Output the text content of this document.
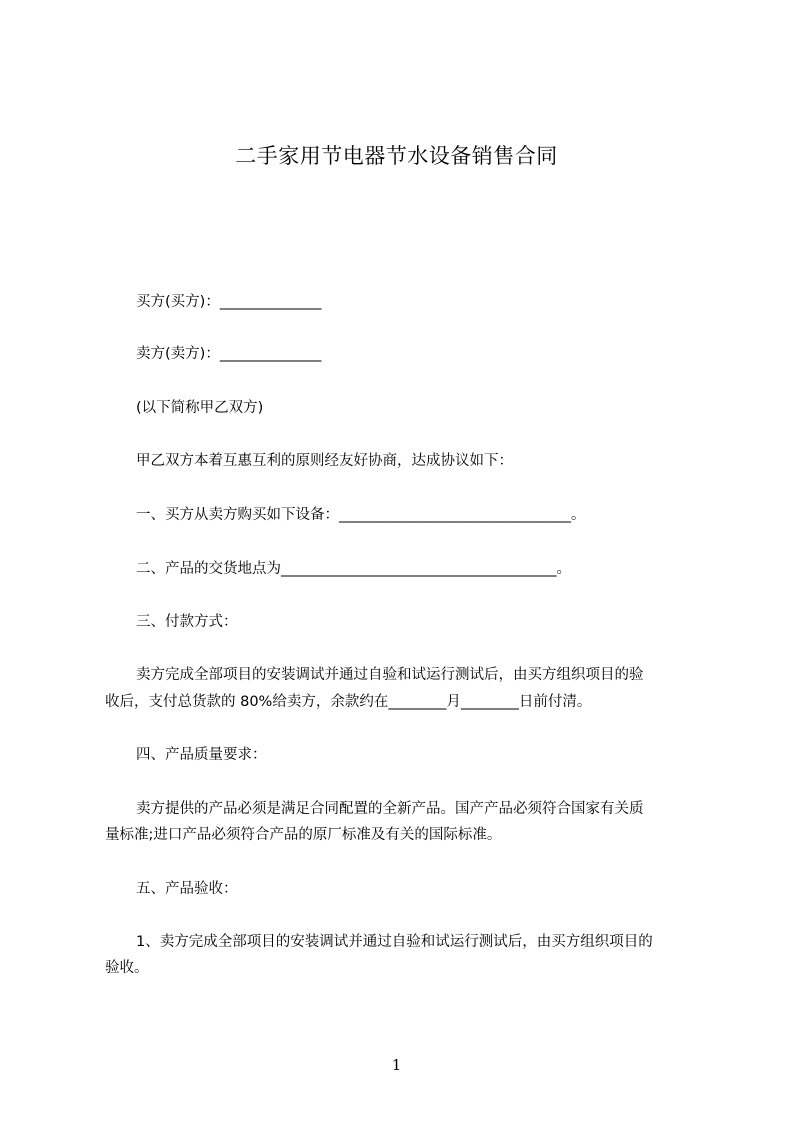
二手家用节电器节水设备销售合同
买方(买方)：______________
卖方(卖方)：______________
(以下简称甲乙双方)
甲乙双方本着互惠互利的原则经友好协商，达成协议如下：
一、买方从卖方购买如下设备：________________________________。
二、产品的交货地点为______________________________________。
三、付款方式：
卖方完成全部项目的安装调试并通过自验和试运行测试后，由买方组织项目的验
收后，支付总货款的 80%给卖方，余款约在________月________日前付清。
四、产品质量要求：
卖方提供的产品必须是满足合同配置的全新产品。国产产品必须符合国家有关质
量标准;进口产品必须符合产品的原厂标准及有关的国际标准。
五、产品验收：
1、卖方完成全部项目的安装调试并通过自验和试运行测试后，由买方组织项目的
验收。
1
